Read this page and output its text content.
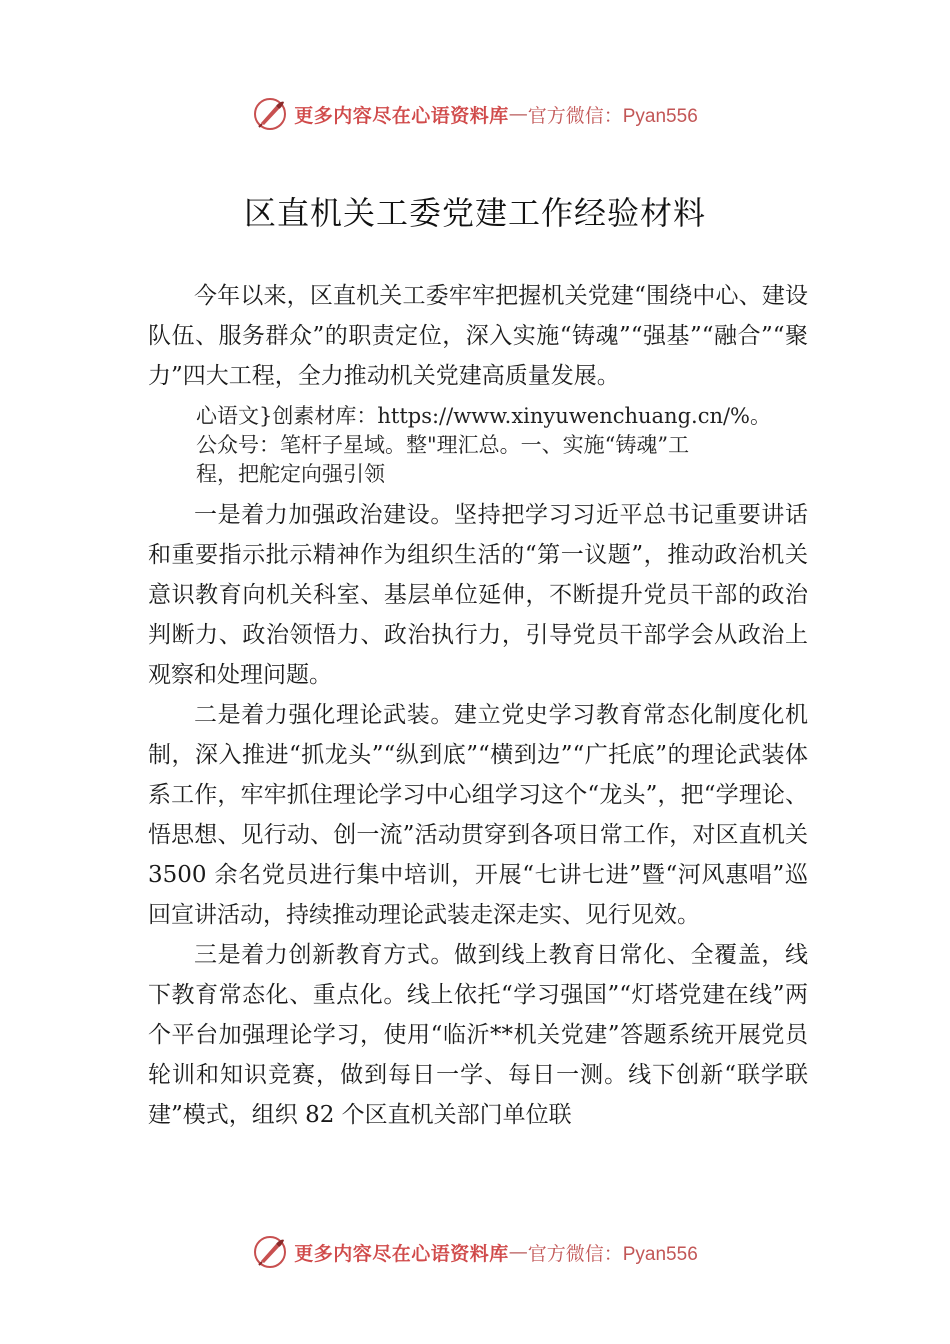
更多内容尽在心语资料库 — 官方微信：Pyan556
区直机关工委党建工作经验材料

今年以来，区直机关工委牢牢把握机关党建“围绕中心、建设队伍、服务群众”的职责定位，深入实施“铸魂”“强基”“融合”“聚力”四大工程，全力推动机关党建高质量发展。

心语文}创素材库：https://www.xinyuwenchuang.cn/%。
公众号：笔杆子星域。整"理汇总。一、实施“铸魂”工
程，把舵定向强引领

一是着力加强政治建设。坚持把学习习近平总书记重要讲话和重要指示批示精神作为组织生活的“第一议题”，推动政治机关意识教育向机关科室、基层单位延伸，不断提升党员干部的政治判断力、政治领悟力、政治执行力，引导党员干部学会从政治上观察和处理问题。

二是着力强化理论武装。建立党史学习教育常态化制度化机制，深入推进“抓龙头”“纵到底”“横到边”“广托底”的理论武装体系工作，牢牢抓住理论学习中心组学习这个“龙头”，把“学理论、悟思想、见行动、创一流”活动贯穿到各项日常工作，对区直机关 3500 余名党员进行集中培训，开展“七讲七进”暨“河风惠唱”巡回宣讲活动，持续推动理论武装走深走实、见行见效。

三是着力创新教育方式。做到线上教育日常化、全覆盖，线下教育常态化、重点化。线上依托“学习强国”“灯塔党建在线”两个平台加强理论学习，使用“临沂**机关党建”答题系统开展党员轮训和知识竞赛，做到每日一学、每日一测。线下创新“联学联建”模式，组织 82 个区直机关部门单位联

更多内容尽在心语资料库 — 官方微信：Pyan556
